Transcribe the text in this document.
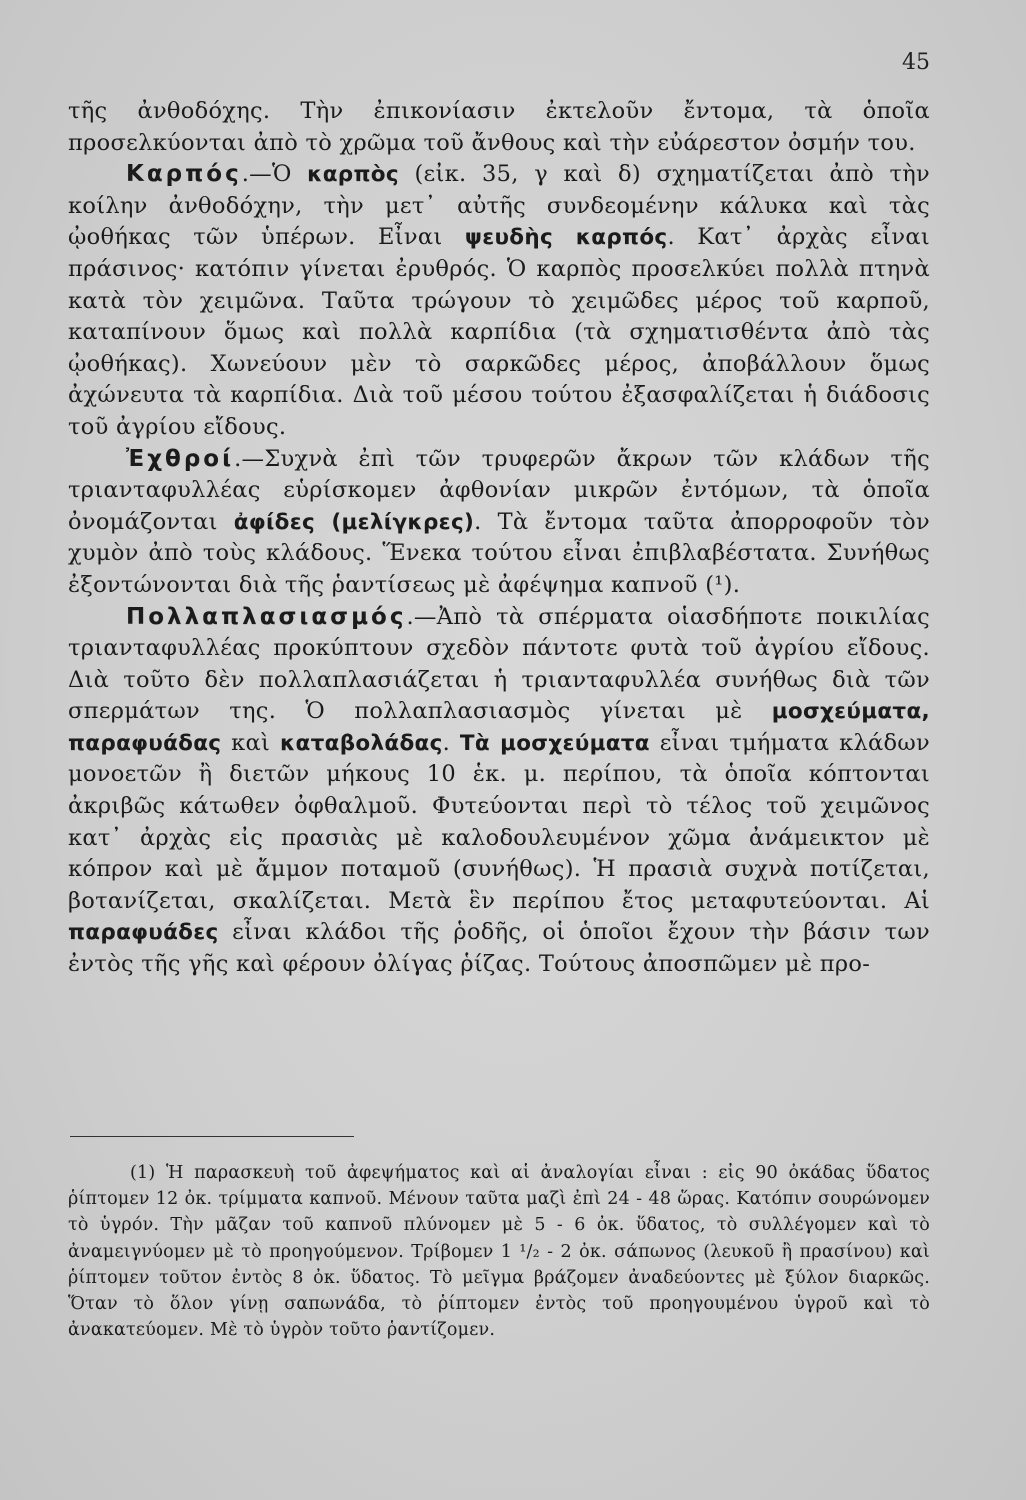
45

τῆς ἀνθοδόχης. Τὴν ἐπικονίασιν ἐκτελοῦν ἔντομα, τὰ ὁποῖα προσελκύονται ἀπὸ τὸ χρῶμα τοῦ ἄνθους καὶ τὴν εὐάρεστον ὀσμήν του.

Καρπός.—Ὁ καρπὸς (εἰκ. 35, γ καὶ δ) σχηματίζεται ἀπὸ τὴν κοίλην ἀνθοδόχην, τὴν μετ᾽ αὐτῆς συνδεομένην κάλυκα καὶ τὰς ᾠοθήκας τῶν ὑπέρων. Εἶναι ψευδὴς καρπός. Κατ᾽ ἀρχὰς εἶναι πράσινος· κατόπιν γίνεται ἐρυθρός. Ὁ καρπὸς προσελκύει πολλὰ πτηνὰ κατὰ τὸν χειμῶνα. Ταῦτα τρώγουν τὸ χειμῶδες μέρος τοῦ καρποῦ, καταπίνουν ὅμως καὶ πολλὰ καρπίδια (τὰ σχηματισθέντα ἀπὸ τὰς ᾠοθήκας). Χωνεύουν μὲν τὸ σαρκῶδες μέρος, ἀποβάλλουν ὅμως ἀχώνευτα τὰ καρπίδια. Διὰ τοῦ μέσου τούτου ἐξασφαλίζεται ἡ διάδοσις τοῦ ἀγρίου εἴδους.

Ἐχθροί.—Συχνὰ ἐπὶ τῶν τρυφερῶν ἄκρων τῶν κλάδων τῆς τριανταφυλλέας εὑρίσκομεν ἀφθονίαν μικρῶν ἐντόμων, τὰ ὁποῖα ὀνομάζονται ἀφίδες (μελίγκρες). Τὰ ἔντομα ταῦτα ἀπορροφοῦν τὸν χυμὸν ἀπὸ τοὺς κλάδους. Ἕνεκα τούτου εἶναι ἐπιβλαβέστατα. Συνήθως ἐξοντώνονται διὰ τῆς ῥαντίσεως μὲ ἀφέψημα καπνοῦ (¹).

Πολλαπλασιασμός.—Ἀπὸ τὰ σπέρματα οἱασδήποτε ποικιλίας τριανταφυλλέας προκύπτουν σχεδὸν πάντοτε φυτὰ τοῦ ἀγρίου εἴδους. Διὰ τοῦτο δὲν πολλαπλασιάζεται ἡ τριανταφυλλέα συνήθως διὰ τῶν σπερμάτων της. Ὁ πολλαπλασιασμὸς γίνεται μὲ μοσχεύματα, παραφυάδας καὶ καταβολάδας. Τὰ μοσχεύματα εἶναι τμήματα κλάδων μονοετῶν ἢ διετῶν μήκους 10 ἑκ. μ. περίπου, τὰ ὁποῖα κόπτονται ἀκριβῶς κάτωθεν ὀφθαλμοῦ. Φυτεύονται περὶ τὸ τέλος τοῦ χειμῶνος κατ᾽ ἀρχὰς εἰς πρασιὰς μὲ καλοδουλευμένον χῶμα ἀνάμεικτον μὲ κόπρον καὶ μὲ ἄμμον ποταμοῦ (συνήθως). Ἡ πρασιὰ συχνὰ ποτίζεται, βοτανίζεται, σκαλίζεται. Μετὰ ἓν περίπου ἔτος μεταφυτεύονται. Αἱ παραφυάδες εἶναι κλάδοι τῆς ῥοδῆς, οἱ ὁποῖοι ἔχουν τὴν βάσιν των ἐντὸς τῆς γῆς καὶ φέρουν ὀλίγας ῥίζας. Τούτους ἀποσπῶμεν μὲ προ-

(1) Ἡ παρασκευὴ τοῦ ἀφεψήματος καὶ αἱ ἀναλογίαι εἶναι : εἰς 90 ὀκάδας ὕδατος ῥίπτομεν 12 ὀκ. τρίμματα καπνοῦ. Μένουν ταῦτα μαζὶ ἐπὶ 24 - 48 ὥρας. Κατόπιν σουρώνομεν τὸ ὑγρόν. Τὴν μᾶζαν τοῦ καπνοῦ πλύνομεν μὲ 5 - 6 ὀκ. ὕδατος, τὸ συλλέγομεν καὶ τὸ ἀναμειγνύομεν μὲ τὸ προηγούμενον. Τρίβομεν 1 ¹/₂ - 2 ὀκ. σάπωνος (λευκοῦ ἢ πρασίνου) καὶ ῥίπτομεν τοῦτον ἐντὸς 8 ὀκ. ὕδατος. Τὸ μεῖγμα βράζομεν ἀναδεύοντες μὲ ξύλον διαρκῶς. Ὅταν τὸ ὅλον γίνῃ σαπωνάδα, τὸ ῥίπτομεν ἐντὸς τοῦ προηγουμένου ὑγροῦ καὶ τὸ ἀνακατεύομεν. Μὲ τὸ ὑγρὸν τοῦτο ῥαντίζομεν.
